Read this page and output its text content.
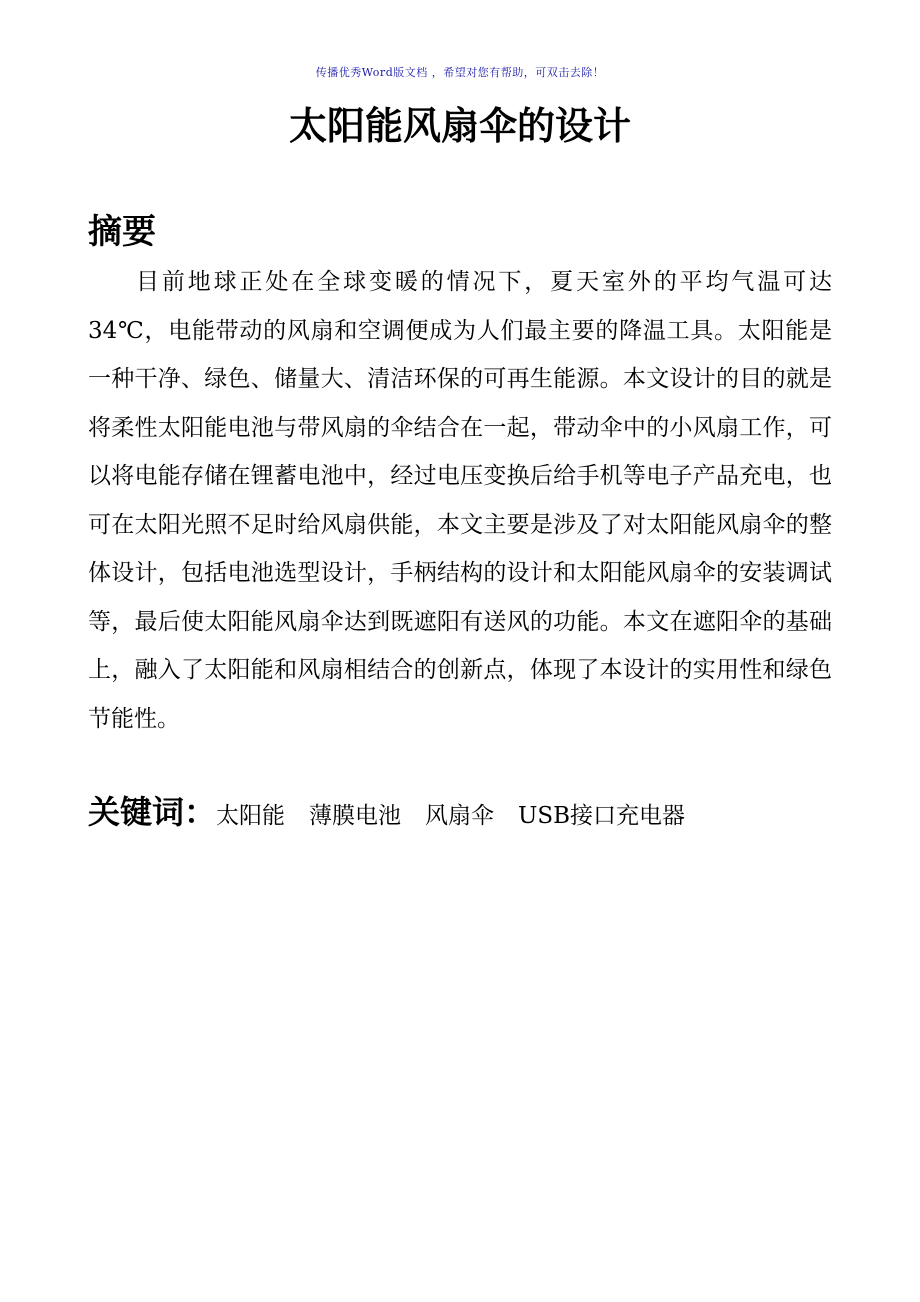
传播优秀Word版文档 ，希望对您有帮助，可双击去除！
太阳能风扇伞的设计
摘要

目前地球正处在全球变暖的情况下，夏天室外的平均气温可达34℃，电能带动的风扇和空调便成为人们最主要的降温工具。太阳能是一种干净、绿色、储量大、清洁环保的可再生能源。本文设计的目的就是将柔性太阳能电池与带风扇的伞结合在一起，带动伞中的小风扇工作，可以将电能存储在锂蓄电池中，经过电压变换后给手机等电子产品充电，也可在太阳光照不足时给风扇供能，本文主要是涉及了对太阳能风扇伞的整体设计，包括电池选型设计，手柄结构的设计和太阳能风扇伞的安装调试等，最后使太阳能风扇伞达到既遮阳有送风的功能。本文在遮阳伞的基础上，融入了太阳能和风扇相结合的创新点，体现了本设计的实用性和绿色节能性。

关键词：太阳能 薄膜电池 风扇伞 USB接口充电器
